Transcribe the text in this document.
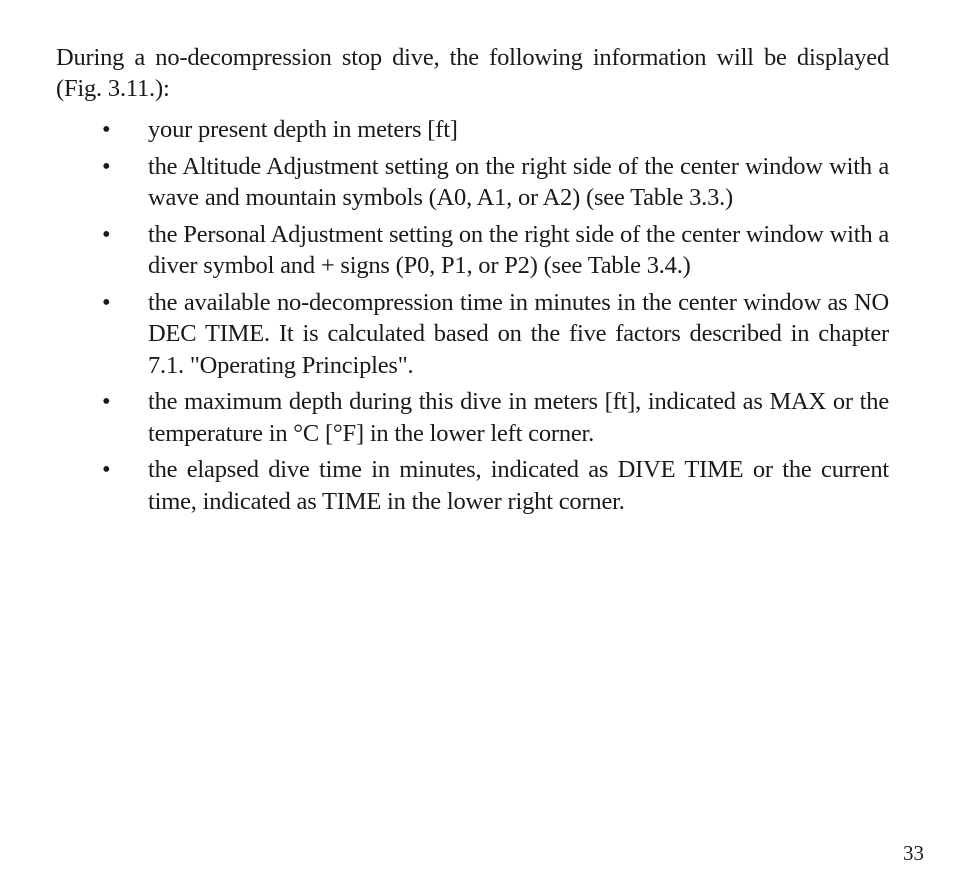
During a no-decompression stop dive, the following information will be displayed (Fig. 3.11.):

• your present depth in meters [ft]
• the Altitude Adjustment setting on the right side of the center window with a wave and mountain symbols (A0, A1, or A2) (see Table 3.3.)
• the Personal Adjustment setting on the right side of the center window with a diver symbol and + signs (P0, P1, or P2) (see Table 3.4.)
• the available no-decompression time in minutes in the center window as NO DEC TIME. It is calculated based on the five factors described in chapter 7.1. "Operating Principles".
• the maximum depth during this dive in meters [ft], indicated as MAX or the temperature in °C [°F] in the lower left corner.
• the elapsed dive time in minutes, indicated as DIVE TIME or the current time, indicated as TIME in the lower right corner.
33
